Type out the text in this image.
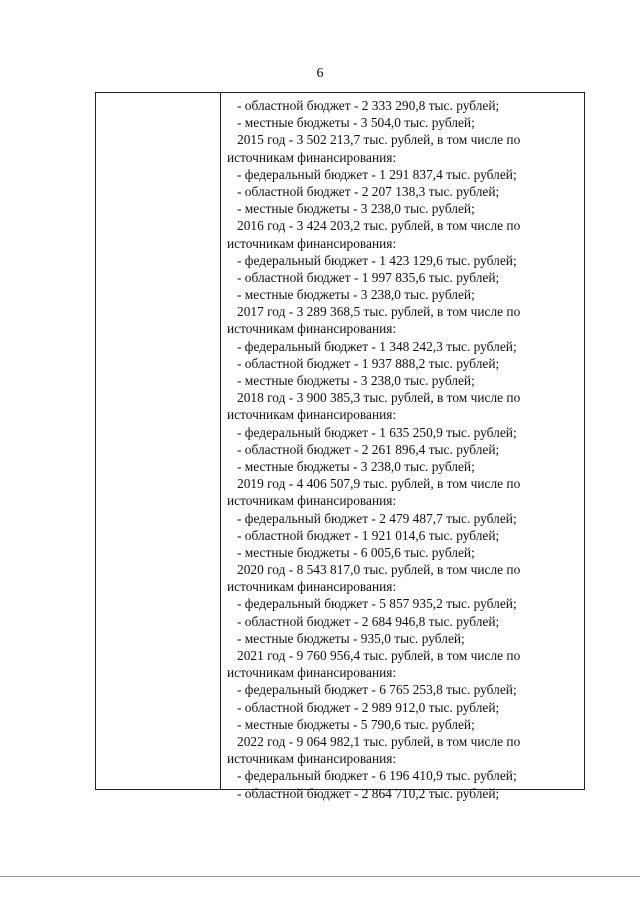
6
- областной бюджет - 2 333 290,8 тыс. рублей;
- местные бюджеты - 3 504,0 тыс. рублей;
2015 год - 3 502 213,7 тыс. рублей, в том числе по
источникам финансирования:
- федеральный бюджет - 1 291 837,4 тыс. рублей;
- областной бюджет - 2 207 138,3 тыс. рублей;
- местные бюджеты - 3 238,0 тыс. рублей;
2016 год - 3 424 203,2 тыс. рублей, в том числе по
источникам финансирования:
- федеральный бюджет - 1 423 129,6 тыс. рублей;
- областной бюджет - 1 997 835,6 тыс. рублей;
- местные бюджеты - 3 238,0 тыс. рублей;
2017 год - 3 289 368,5 тыс. рублей, в том числе по
источникам финансирования:
- федеральный бюджет - 1 348 242,3 тыс. рублей;
- областной бюджет - 1 937 888,2 тыс. рублей;
- местные бюджеты - 3 238,0 тыс. рублей;
2018 год - 3 900 385,3 тыс. рублей, в том числе по
источникам финансирования:
- федеральный бюджет - 1 635 250,9 тыс. рублей;
- областной бюджет - 2 261 896,4 тыс. рублей;
- местные бюджеты - 3 238,0 тыс. рублей;
2019 год - 4 406 507,9 тыс. рублей, в том числе по
источникам финансирования:
- федеральный бюджет - 2 479 487,7 тыс. рублей;
- областной бюджет - 1 921 014,6 тыс. рублей;
- местные бюджеты - 6 005,6 тыс. рублей;
2020 год - 8 543 817,0 тыс. рублей, в том числе по
источникам финансирования:
- федеральный бюджет - 5 857 935,2 тыс. рублей;
- областной бюджет - 2 684 946,8 тыс. рублей;
- местные бюджеты - 935,0 тыс. рублей;
2021 год - 9 760 956,4 тыс. рублей, в том числе по
источникам финансирования:
- федеральный бюджет - 6 765 253,8 тыс. рублей;
- областной бюджет - 2 989 912,0 тыс. рублей;
- местные бюджеты - 5 790,6 тыс. рублей;
2022 год - 9 064 982,1 тыс. рублей, в том числе по
источникам финансирования:
- федеральный бюджет - 6 196 410,9 тыс. рублей;
- областной бюджет - 2 864 710,2 тыс. рублей;
